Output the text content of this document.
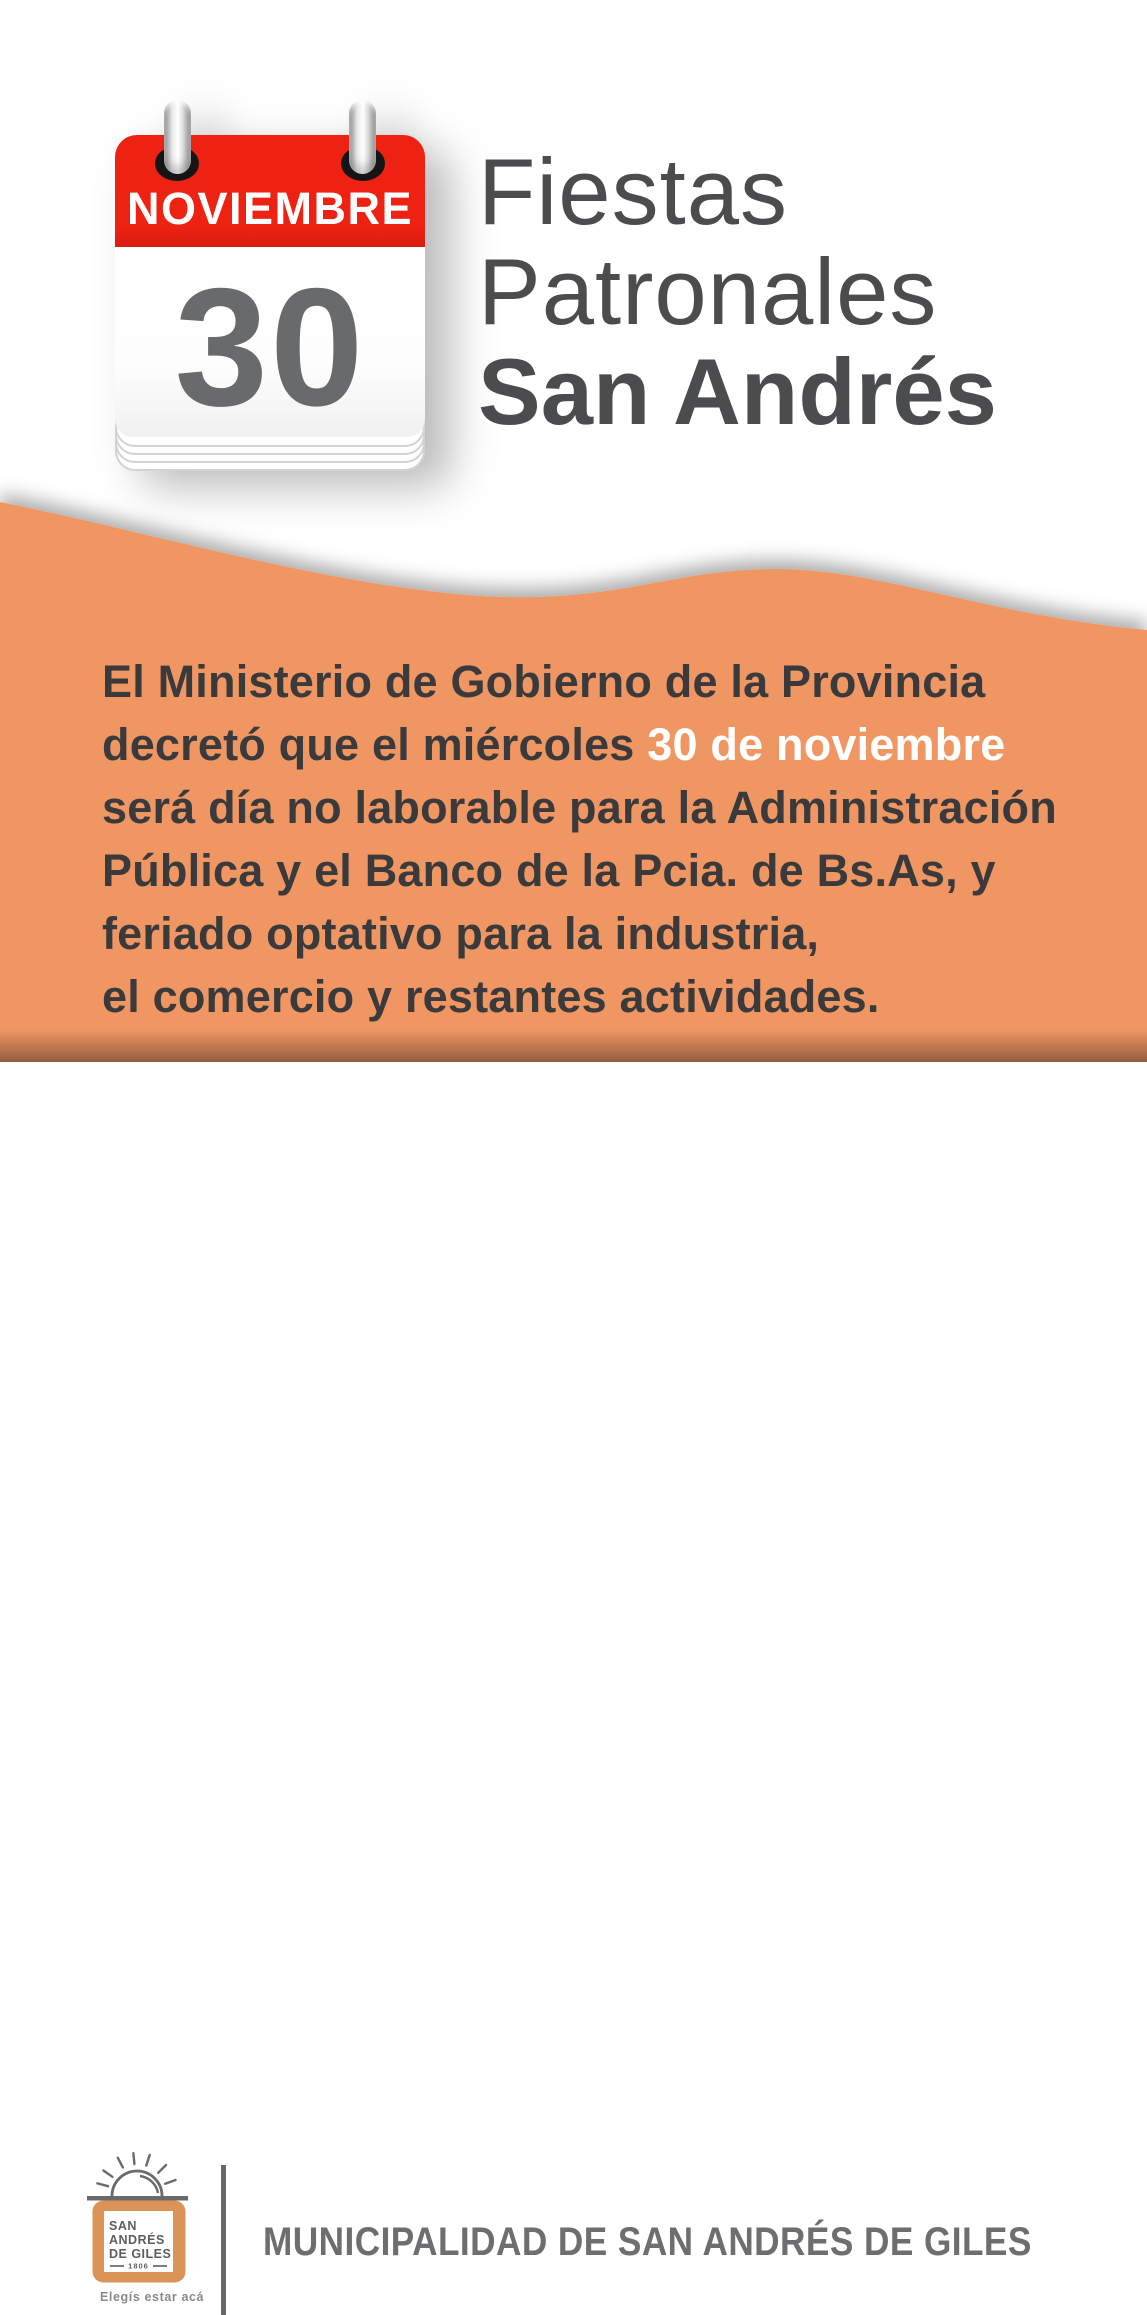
30
NOVIEMBRE Fiestas
Patronales
San Andrés
El Ministerio de Gobierno de la Provincia
decretó que el miércoles 30 de noviembre
será día no laborable para la Administración
Pública y el Banco de la Pcia. de Bs.As, y
feriado optativo para la industria,
el comercio y restantes actividades.
SAN
ANDRÉS
DE GILES
1806
Elegís estar acá
MUNICIPALIDAD DE SAN ANDRÉS DE GILES
